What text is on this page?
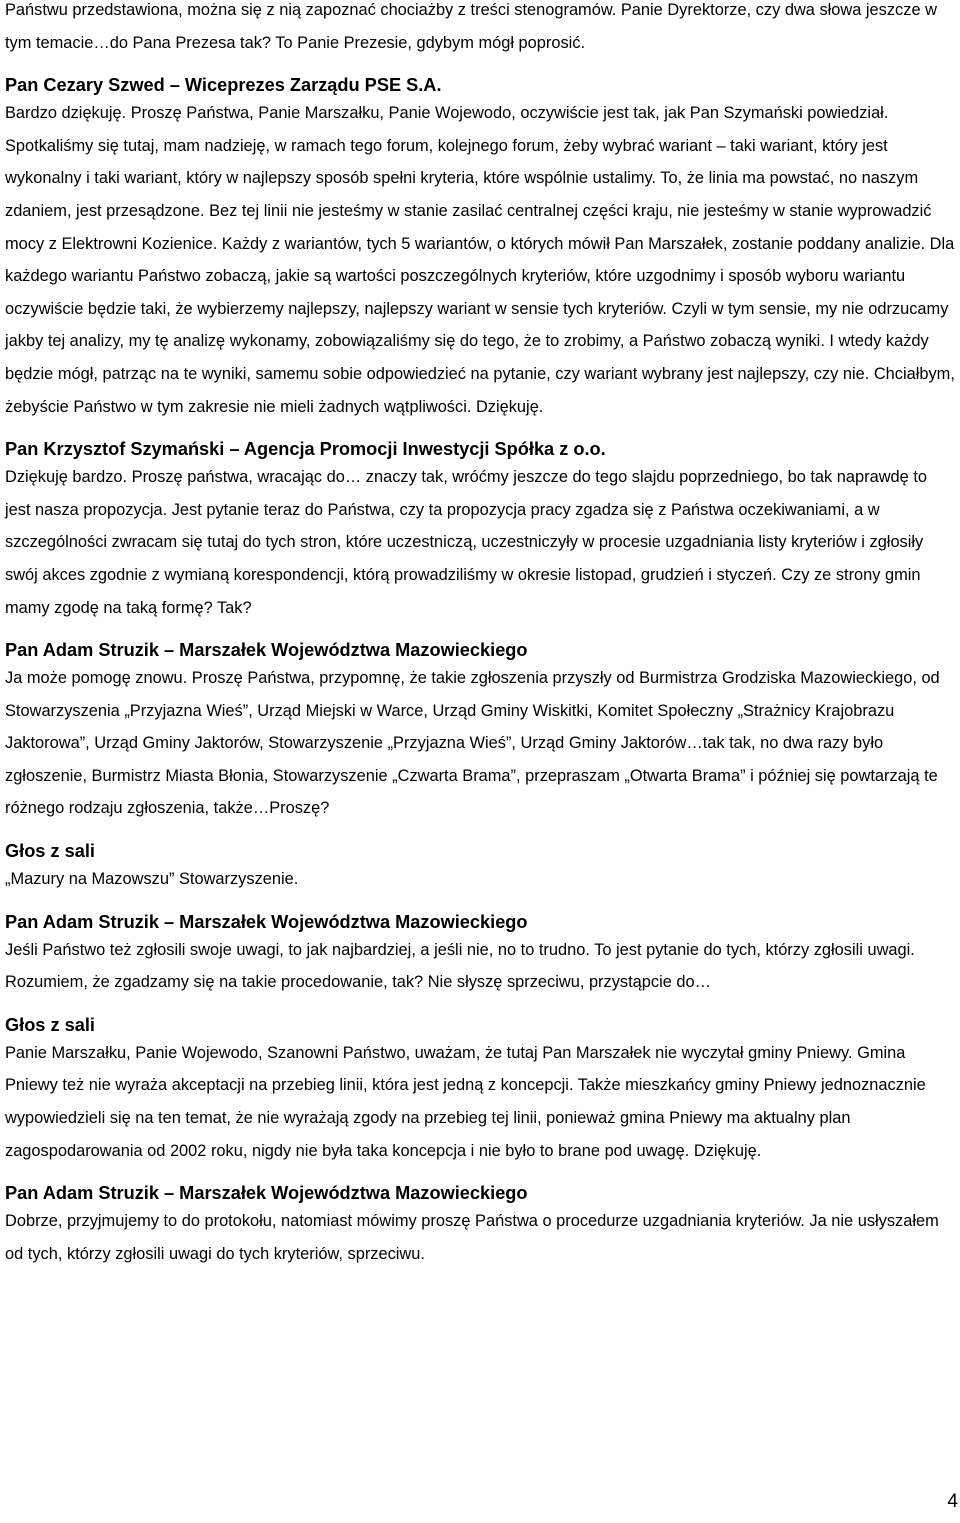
Państwu przedstawiona, można się z nią zapoznać chociażby z treści stenogramów. Panie Dyrektorze, czy dwa słowa jeszcze w tym temacie…do Pana Prezesa tak? To Panie Prezesie, gdybym mógł poprosić.

Pan Cezary Szwed – Wiceprezes Zarządu PSE S.A.

Bardzo dziękuję. Proszę Państwa, Panie Marszałku, Panie Wojewodo, oczywiście jest tak, jak Pan Szymański powiedział. Spotkaliśmy się tutaj, mam nadzieję, w ramach tego forum, kolejnego forum, żeby wybrać wariant – taki wariant, który jest wykonalny i taki wariant, który w najlepszy sposób spełni kryteria, które wspólnie ustalimy. To, że linia ma powstać, no naszym zdaniem, jest przesądzone. Bez tej linii nie jesteśmy w stanie zasilać centralnej części kraju, nie jesteśmy w stanie wyprowadzić mocy z Elektrowni Kozienice. Każdy z wariantów, tych 5 wariantów, o których mówił Pan Marszałek, zostanie poddany analizie. Dla każdego wariantu Państwo zobaczą, jakie są wartości poszczególnych kryteriów, które uzgodnimy i sposób wyboru wariantu oczywiście będzie taki, że wybierzemy najlepszy, najlepszy wariant w sensie tych kryteriów. Czyli w tym sensie, my nie odrzucamy jakby tej analizy, my tę analizę wykonamy, zobowiązaliśmy się do tego, że to zrobimy, a Państwo zobaczą wyniki. I wtedy każdy będzie mógł, patrząc na te wyniki, samemu sobie odpowiedzieć na pytanie, czy wariant wybrany jest najlepszy, czy nie. Chciałbym, żebyście Państwo w tym zakresie nie mieli żadnych wątpliwości. Dziękuję.

Pan Krzysztof Szymański – Agencja Promocji Inwestycji Spółka z o.o.

Dziękuję bardzo. Proszę państwa, wracając do… znaczy tak, wróćmy jeszcze do tego slajdu poprzedniego, bo tak naprawdę to jest nasza propozycja. Jest pytanie teraz do Państwa, czy ta propozycja pracy zgadza się z Państwa oczekiwaniami, a w szczególności zwracam się tutaj do tych stron, które uczestniczą, uczestniczyły w procesie uzgadniania listy kryteriów i zgłosiły swój akces zgodnie z wymianą korespondencji, którą prowadziliśmy w okresie listopad, grudzień i styczeń. Czy ze strony gmin mamy zgodę na taką formę? Tak?

Pan Adam Struzik – Marszałek Województwa Mazowieckiego

Ja może pomogę znowu. Proszę Państwa, przypomnę, że takie zgłoszenia przyszły od Burmistrza Grodziska Mazowieckiego, od Stowarzyszenia „Przyjazna Wieś”, Urząd Miejski w Warce, Urząd Gminy Wiskitki, Komitet Społeczny „Strażnicy Krajobrazu Jaktorowa”, Urząd Gminy Jaktorów, Stowarzyszenie „Przyjazna Wieś”, Urząd Gminy Jaktorów…tak tak, no dwa razy było zgłoszenie, Burmistrz Miasta Błonia, Stowarzyszenie „Czwarta Brama”, przepraszam „Otwarta Brama” i później się powtarzają te różnego rodzaju zgłoszenia, także…Proszę?

Głos z sali

„Mazury na Mazowszu” Stowarzyszenie.

Pan Adam Struzik – Marszałek Województwa Mazowieckiego

Jeśli Państwo też zgłosili swoje uwagi, to jak najbardziej, a jeśli nie, no to trudno. To jest pytanie do tych, którzy zgłosili uwagi. Rozumiem, że zgadzamy się na takie procedowanie, tak? Nie słyszę sprzeciwu, przystąpcie do…

Głos z sali

Panie Marszałku, Panie Wojewodo, Szanowni Państwo, uważam, że tutaj Pan Marszałek nie wyczytał gminy Pniewy. Gmina Pniewy też nie wyraża akceptacji na przebieg linii, która jest jedną z koncepcji. Także mieszkańcy gminy Pniewy jednoznacznie wypowiedzieli się na ten temat, że nie wyrażają zgody na przebieg tej linii, ponieważ gmina Pniewy ma aktualny plan zagospodarowania od 2002 roku, nigdy nie była taka koncepcja i nie było to brane pod uwagę. Dziękuję.

Pan Adam Struzik – Marszałek Województwa Mazowieckiego

Dobrze, przyjmujemy to do protokołu, natomiast mówimy proszę Państwa o procedurze uzgadniania kryteriów. Ja nie usłyszałem od tych, którzy zgłosili uwagi do tych kryteriów, sprzeciwu.

4
